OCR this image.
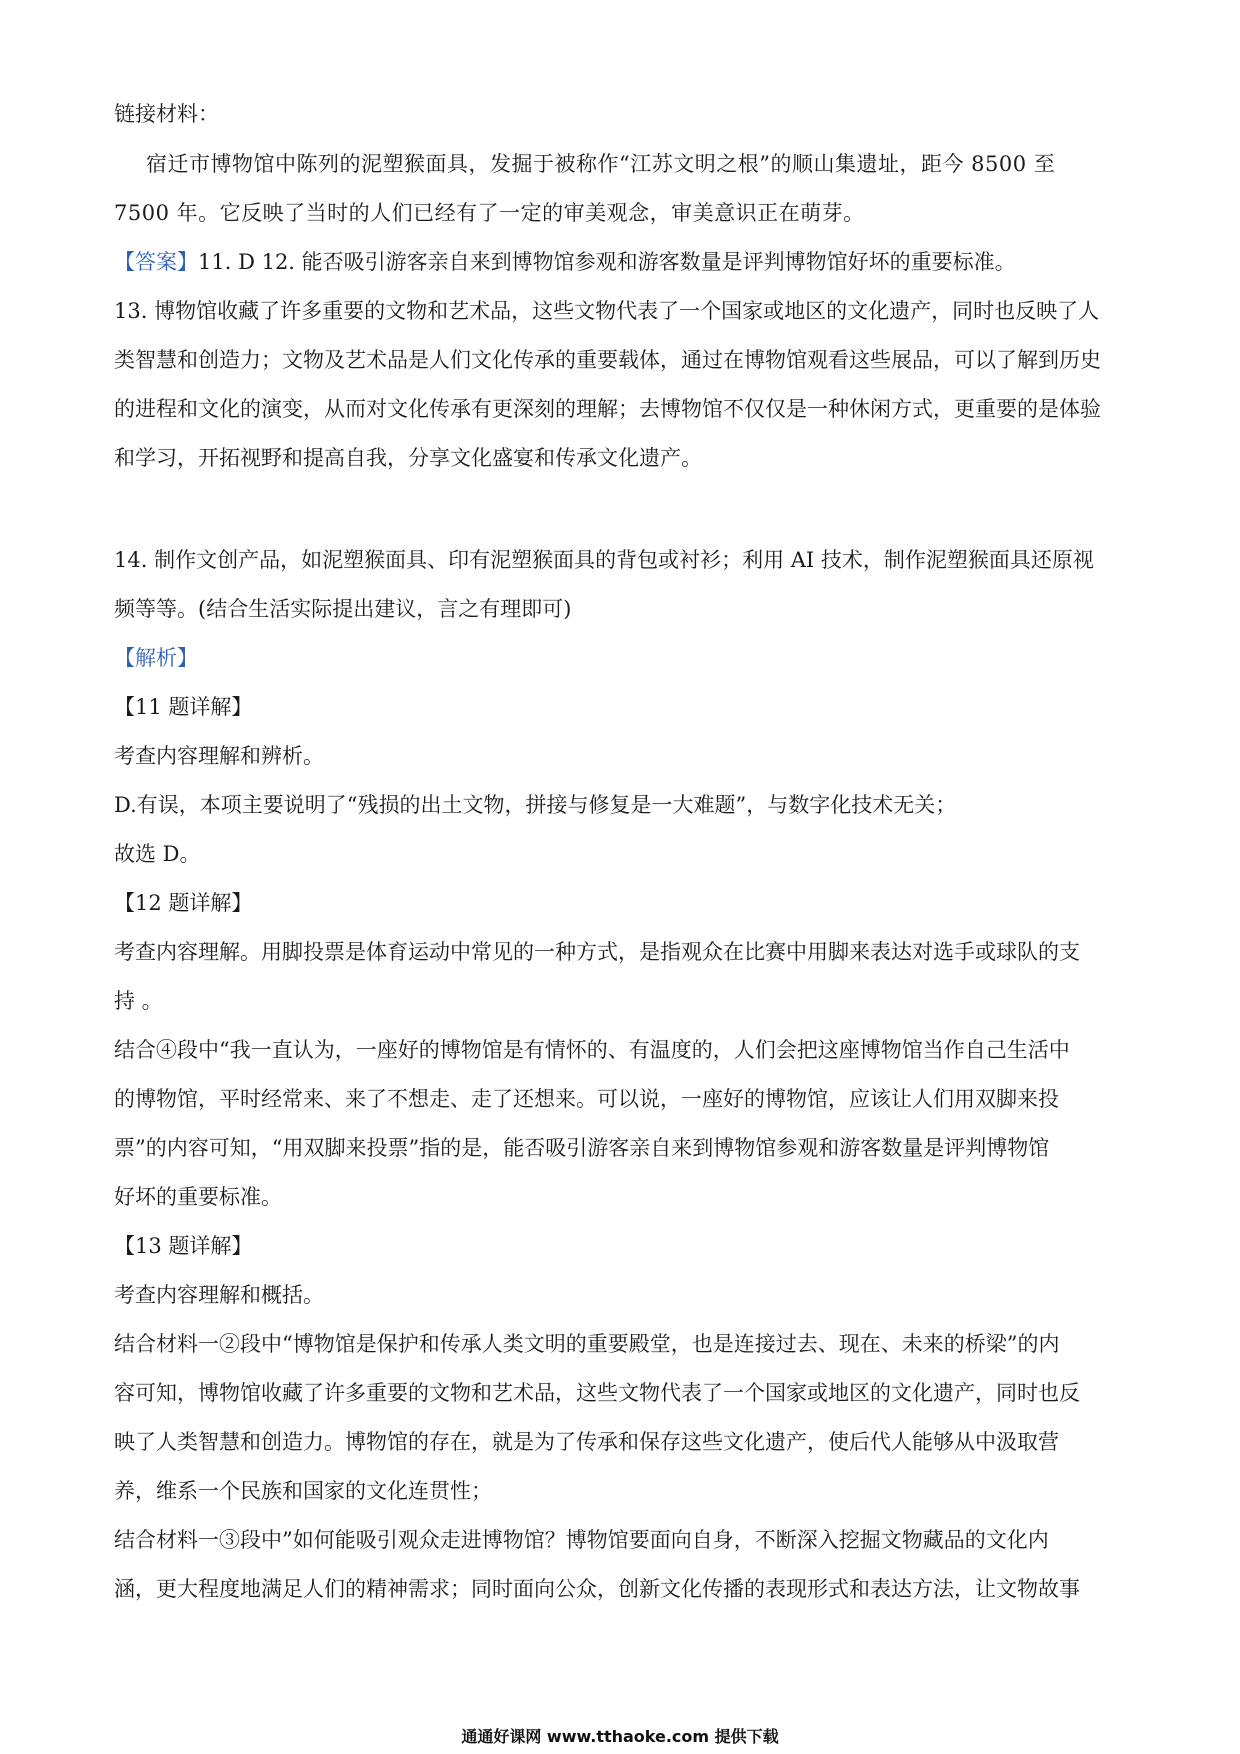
链接材料：
宿迁市博物馆中陈列的泥塑猴面具，发掘于被称作“江苏文明之根”的顺山集遗址，距今 8500 至
7500 年。它反映了当时的人们已经有了一定的审美观念，审美意识正在萌芽。
【答案】11. D 12. 能否吸引游客亲自来到博物馆参观和游客数量是评判博物馆好坏的重要标准。
13. 博物馆收藏了许多重要的文物和艺术品，这些文物代表了一个国家或地区的文化遗产，同时也反映了人
类智慧和创造力；文物及艺术品是人们文化传承的重要载体，通过在博物馆观看这些展品，可以了解到历史
的进程和文化的演变，从而对文化传承有更深刻的理解；去博物馆不仅仅是一种休闲方式，更重要的是体验
和学习，开拓视野和提高自我，分享文化盛宴和传承文化遗产。
14. 制作文创产品，如泥塑猴面具、印有泥塑猴面具的背包或衬衫；利用 AI 技术，制作泥塑猴面具还原视
频等等。(结合生活实际提出建议，言之有理即可)
【解析】
【11 题详解】
考查内容理解和辨析。
D.有误，本项主要说明了“残损的出土文物，拼接与修复是一大难题”，与数字化技术无关；
故选 D。
【12 题详解】
考查内容理解。用脚投票是体育运动中常见的一种方式，是指观众在比赛中用脚来表达对选手或球队的支
持 。
结合④段中“我一直认为，一座好的博物馆是有情怀的、有温度的，人们会把这座博物馆当作自己生活中
的博物馆，平时经常来、来了不想走、走了还想来。可以说，一座好的博物馆，应该让人们用双脚来投
票”的内容可知，“用双脚来投票”指的是，能否吸引游客亲自来到博物馆参观和游客数量是评判博物馆
好坏的重要标准。
【13 题详解】
考查内容理解和概括。
结合材料一②段中“博物馆是保护和传承人类文明的重要殿堂，也是连接过去、现在、未来的桥梁”的内
容可知，博物馆收藏了许多重要的文物和艺术品，这些文物代表了一个国家或地区的文化遗产，同时也反
映了人类智慧和创造力。博物馆的存在，就是为了传承和保存这些文化遗产，使后代人能够从中汲取营
养，维系一个民族和国家的文化连贯性；
结合材料一③段中”如何能吸引观众走进博物馆？博物馆要面向自身，不断深入挖掘文物藏品的文化内
涵，更大程度地满足人们的精神需求；同时面向公众，创新文化传播的表现形式和表达方法，让文物故事
通通好课网 www.tthaoke.com 提供下载
